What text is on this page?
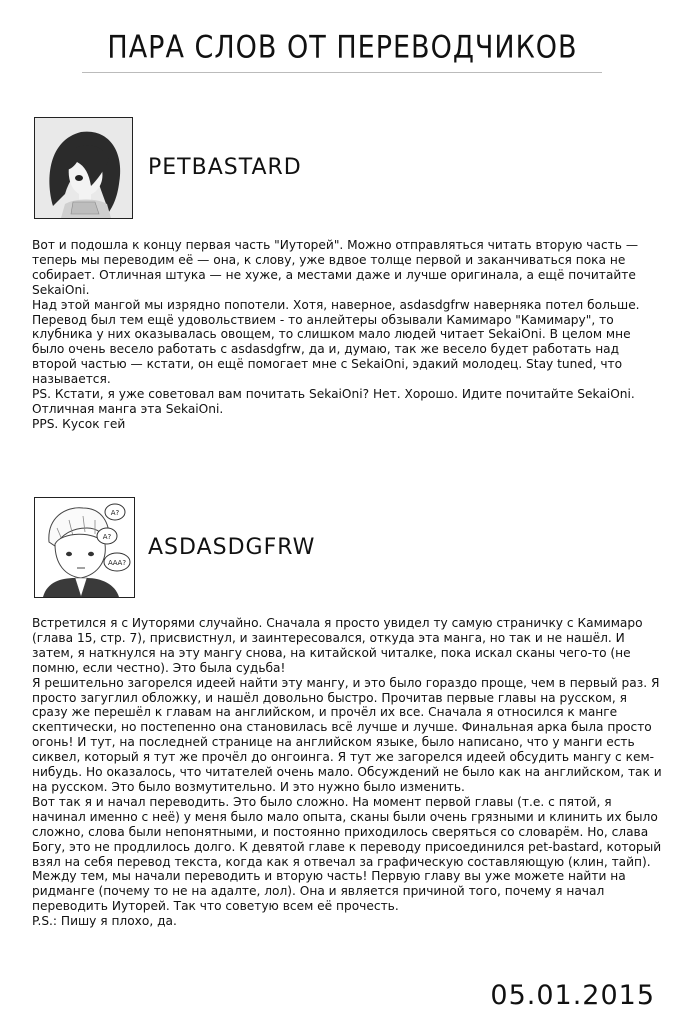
ПАРА СЛОВ ОТ ПЕРЕВОДЧИКОВ
PETBASTARD

Вот и подошла к концу первая часть "Иуторей". Можно отправляться читать вторую часть — теперь мы переводим её — она, к слову, уже вдвое толще первой и заканчиваться пока не собирает. Отличная штука — не хуже, а местами даже и лучше оригинала, а ещё почитайте SekaiOni.

Над этой мангой мы изрядно попотели. Хотя, наверное, asdasdgfrw наверняка потел больше. Перевод был тем ещё удовольствием - то анлейтеры обзывали Камимаро "Камимару", то клубника у них оказывалась овощем, то слишком мало людей читает SekaiOni. В целом мне было очень весело работать с asdasdgfrw, да и, думаю, так же весело будет работать над второй частью — кстати, он ещё помогает мне с SekaiOni, эдакий молодец. Stay tuned, что называется.

PS. Кстати, я уже советовал вам почитать SekaiOni? Нет. Хорошо. Идите почитайте SekaiOni. Отличная манга эта SekaiOni.

PPS. Кусок гей

А?
А?
ААА?
ASDASDGFRW

Встретился я с Иуторями случайно. Сначала я просто увидел ту самую страничку с Камимаро (глава 15, стр. 7), присвистнул, и заинтересовался, откуда эта манга, но так и не нашёл. И затем, я наткнулся на эту мангу снова, на китайской читалке, пока искал сканы чего-то (не помню, если честно). Это была судьба!

Я решительно загорелся идеей найти эту мангу, и это было гораздо проще, чем в первый раз. Я просто загуглил обложку, и нашёл довольно быстро. Прочитав первые главы на русском, я сразу же перешёл к главам на английском, и прочёл их все. Сначала я относился к манге скептически, но постепенно она становилась всё лучше и лучше. Финальная арка была просто огонь! И тут, на последней странице на английском языке, было написано, что у манги есть сиквел, который я тут же прочёл до онгоинга. Я тут же загорелся идеей обсудить мангу с кем-нибудь. Но оказалось, что читателей очень мало. Обсуждений не было как на английском, так и на русском. Это было возмутительно. И это нужно было изменить.

Вот так я и начал переводить. Это было сложно. На момент первой главы (т.е. с пятой, я начинал именно с неё) у меня было мало опыта, сканы были очень грязными и клинить их было сложно, слова были непонятными, и постоянно приходилось сверяться со словарём. Но, слава Богу, это не продлилось долго. К девятой главе к переводу присоединился pet-bastard, который взял на себя перевод текста, когда как я отвечал за графическую составляющую (клин, тайп).

Между тем, мы начали переводить и вторую часть! Первую главу вы уже можете найти на ридманге (почему то не на адалте, лол). Она и является причиной того, почему я начал переводить Иуторей. Так что советую всем её прочесть.

P.S.: Пишу я плохо, да.

05.01.2015
